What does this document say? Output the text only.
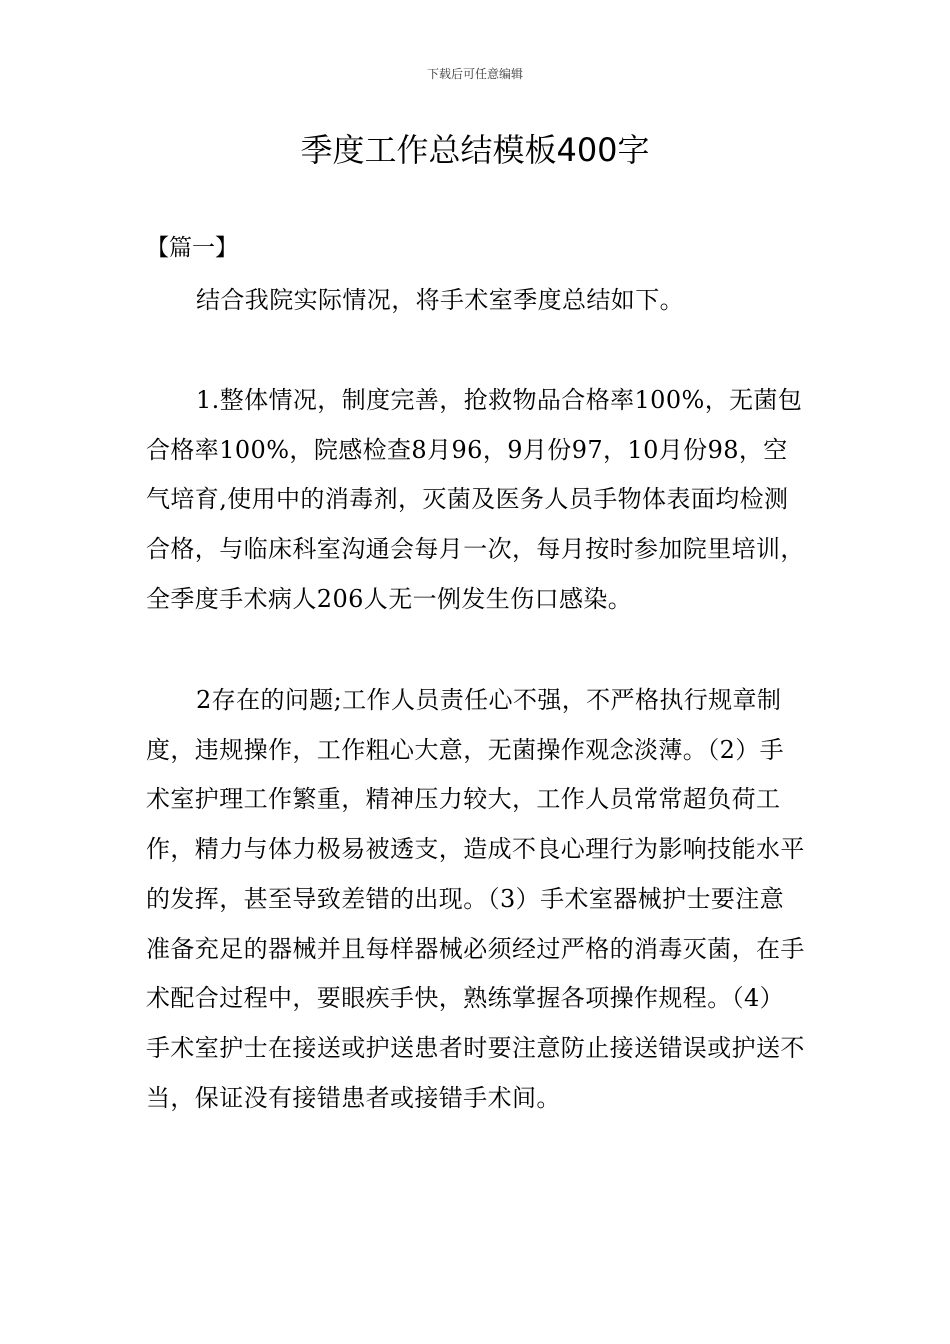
下载后可任意编辑
季度工作总结模板400字
【篇一】

结合我院实际情况，将手术室季度总结如下。

1.整体情况，制度完善，抢救物品合格率100%，无菌包合格率100%，院感检查8月96，9月份97，10月份98，空气培育,使用中的消毒剂，灭菌及医务人员手物体表面均检测合格，与临床科室沟通会每月一次，每月按时参加院里培训，全季度手术病人206人无一例发生伤口感染。

2存在的问题;工作人员责任心不强，不严格执行规章制度，违规操作，工作粗心大意，无菌操作观念淡薄。（2）手术室护理工作繁重，精神压力较大，工作人员常常超负荷工作，精力与体力极易被透支，造成不良心理行为影响技能水平的发挥，甚至导致差错的出现。（3）手术室器械护士要注意准备充足的器械并且每样器械必须经过严格的消毒灭菌，在手术配合过程中，要眼疾手快，熟练掌握各项操作规程。（4）手术室护士在接送或护送患者时要注意防止接送错误或护送不当，保证没有接错患者或接错手术间。
